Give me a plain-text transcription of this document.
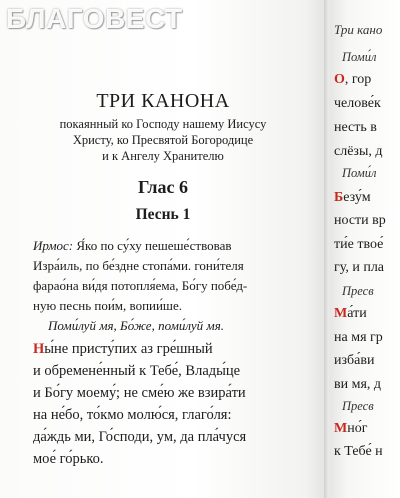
ТРИ КАНОНА
покаянный ко Господу нашему Иисусу
Христу, ко Пресвятой Богородице
и к Ангелу Хранителю
Глас 6
Песнь 1
Ирмос: Я́ко по су́ху пешеше́ствовав
Изра́иль, по бе́здне стопа́ми. гони́теля
фарао́на ви́дя потопля́ема, Бо́гу побе́д-
ную песнь пои́м, вопии́ше.
Поми́луй мя, Бо́же, поми́луй мя.
Ны́не присту́пих аз гре́шный
и обремене́нный к Тебе́, Влады́це
и Бо́гу моему́; не сме́ю же взира́ти
на не́бо, то́кмо молю́ся, глаго́ля:
да́ждь ми, Го́споди, ум, да пла́чуся
мое́ го́рько.
Три кано
Поми́л
О, гор
челове́к
несть в
слёзы, д
Поми́л
Безу́м
ности вр
ти́е твое́
гу, и пла
Пресв
Ма́ти
на мя гр
изба́ви
ви мя, д
Пресв
Мно́г
к Тебе́ н
БЛАГОВЕСТ
